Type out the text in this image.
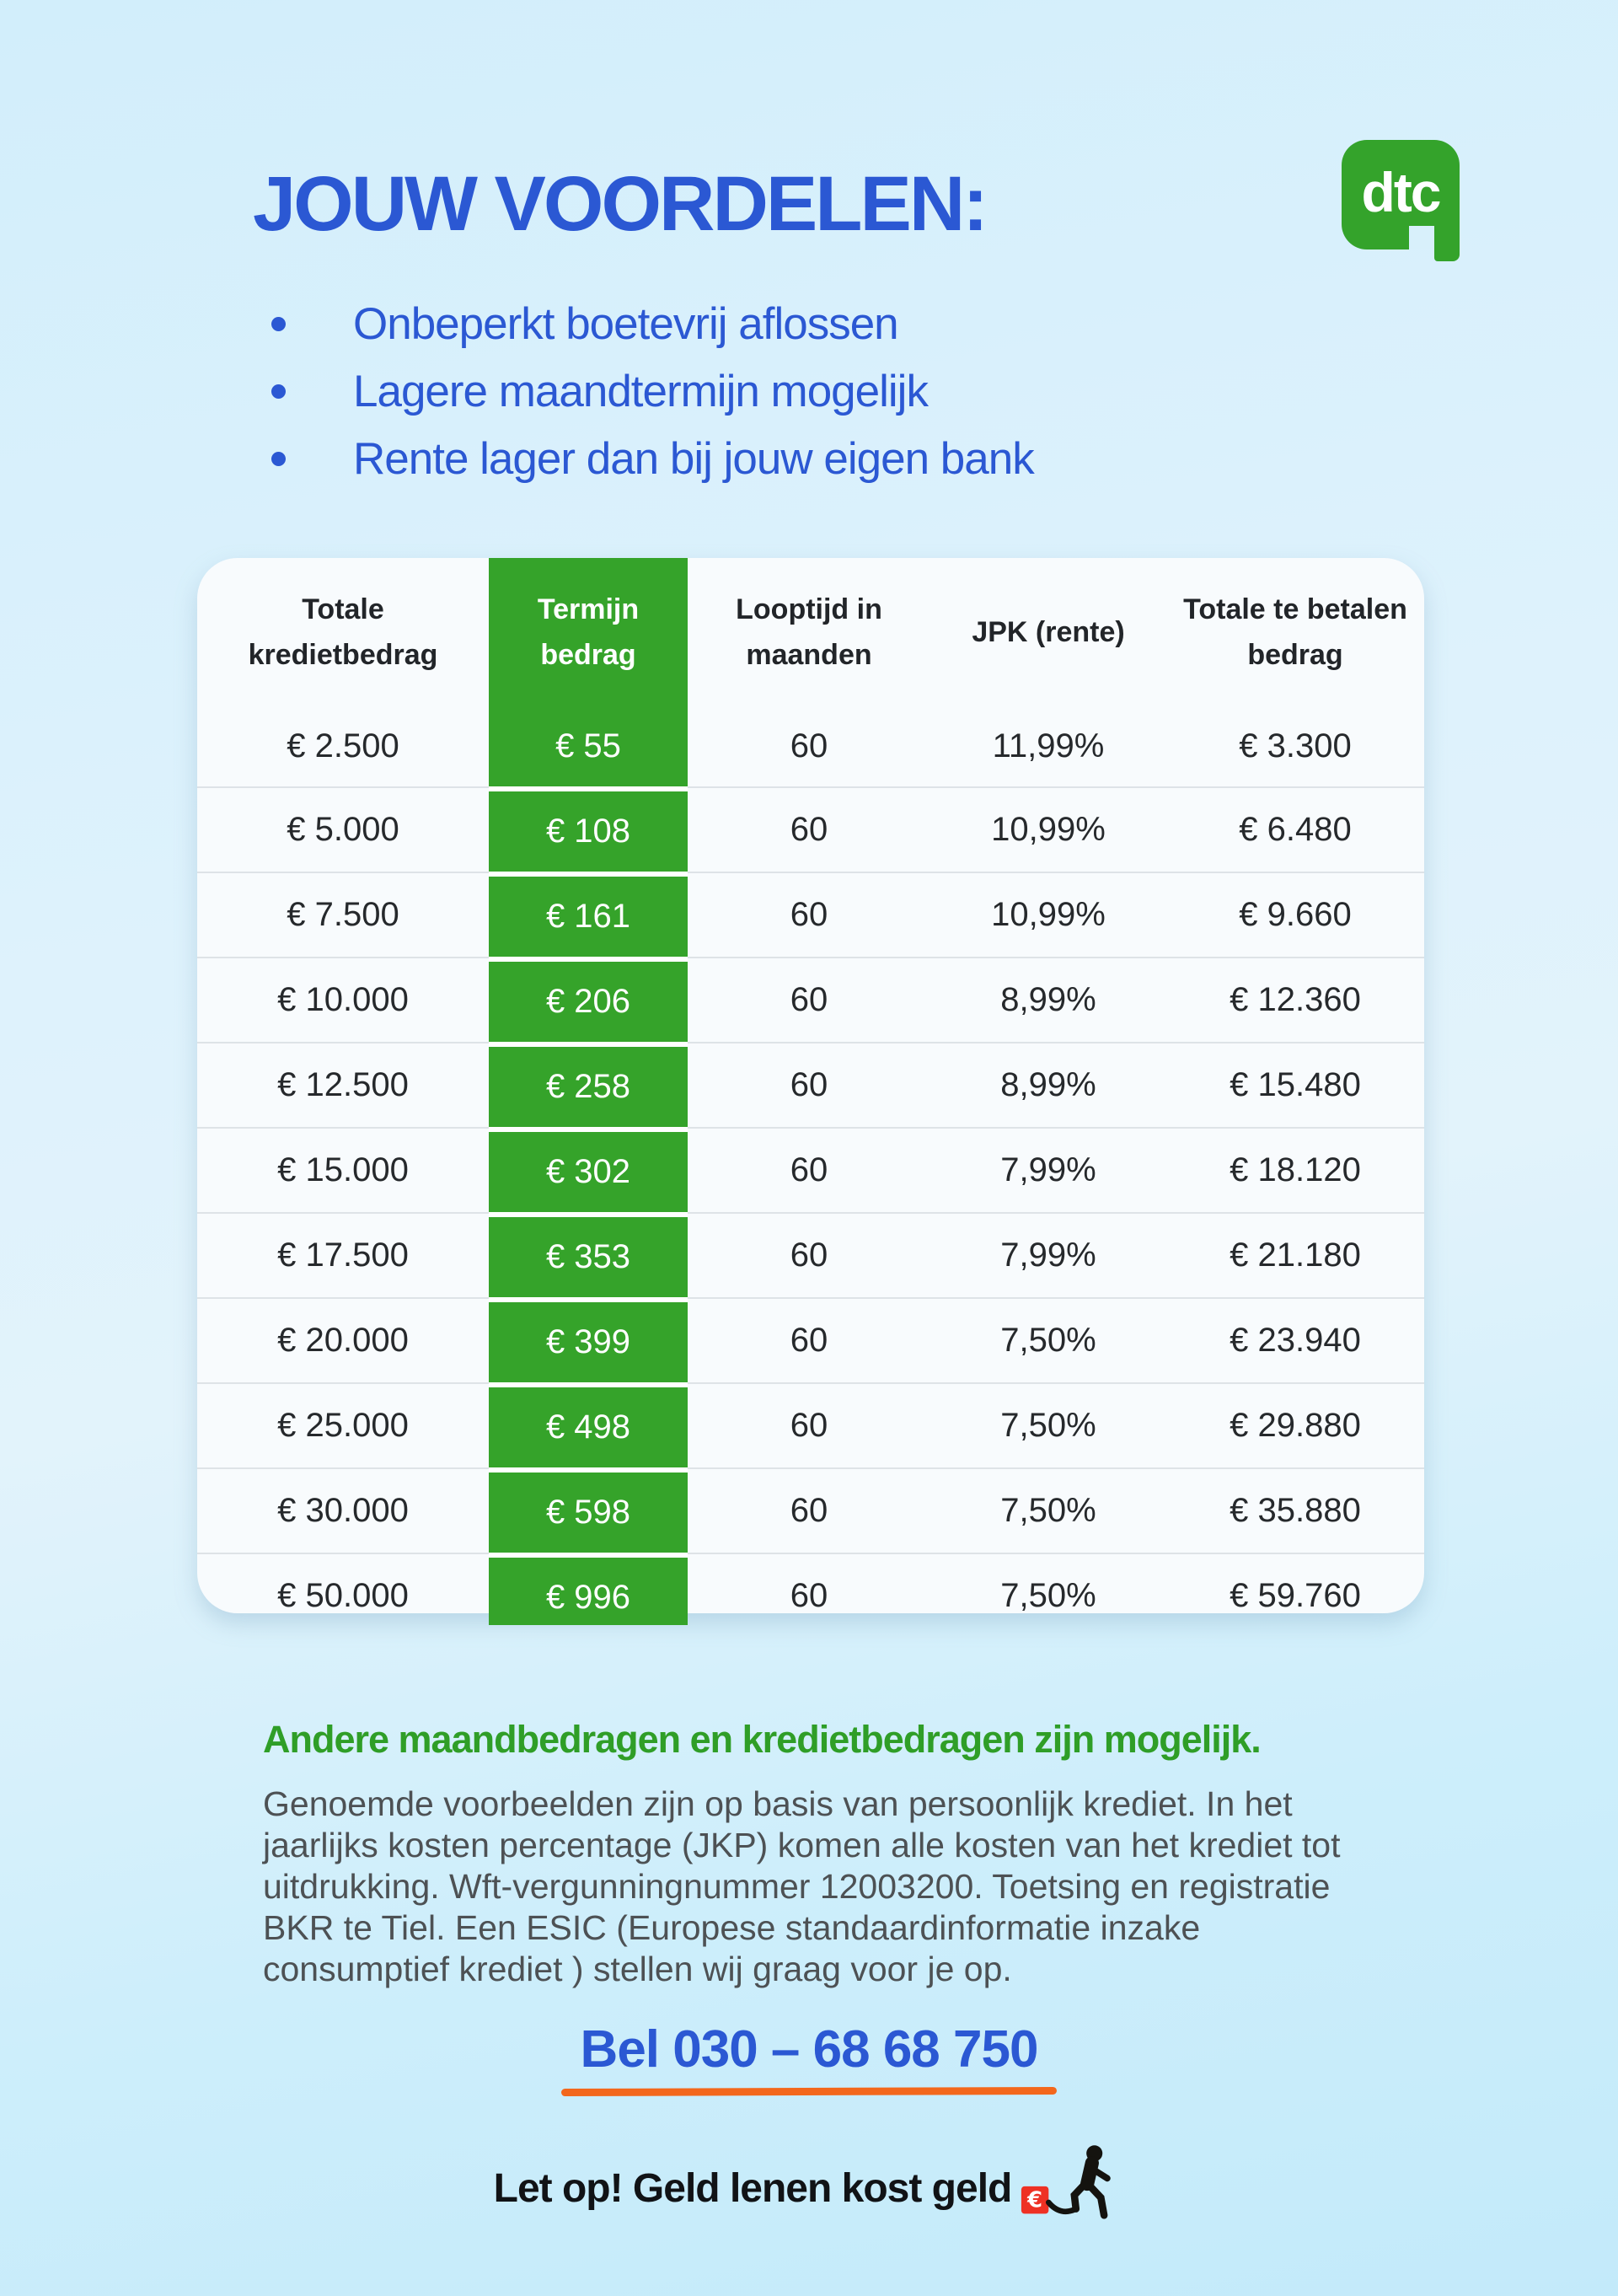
JOUW VOORDELEN:	dtc
Onbeperkt boetevrij aflossen
Lagere maandtermijn mogelijk
Rente lager dan bij jouw eigen bank
Totale kredietbedrag	Termijn bedrag	Looptijd in maanden	JPK (rente)	Totale te betalen bedrag
€ 2.500	€ 55	60	11,99%	€ 3.300
€ 5.000	€ 108	60	10,99%	€ 6.480
€ 7.500	€ 161	60	10,99%	€ 9.660
€ 10.000	€ 206	60	8,99%	€ 12.360
€ 12.500	€ 258	60	8,99%	€ 15.480
€ 15.000	€ 302	60	7,99%	€ 18.120
€ 17.500	€ 353	60	7,99%	€ 21.180
€ 20.000	€ 399	60	7,50%	€ 23.940
€ 25.000	€ 498	60	7,50%	€ 29.880
€ 30.000	€ 598	60	7,50%	€ 35.880
€ 50.000	€ 996	60	7,50%	€ 59.760
Andere maandbedragen en kredietbedragen zijn mogelijk.
Genoemde voorbeelden zijn op basis van persoonlijk krediet. In het
jaarlijks kosten percentage (JKP) komen alle kosten van het krediet tot
uitdrukking. Wft-vergunningnummer 12003200. Toetsing en registratie
BKR te Tiel. Een ESIC (Europese standaardinformatie inzake
consumptief krediet ) stellen wij graag voor je op.
Bel 030 – 68 68 750
Let op! Geld lenen kost geld €
